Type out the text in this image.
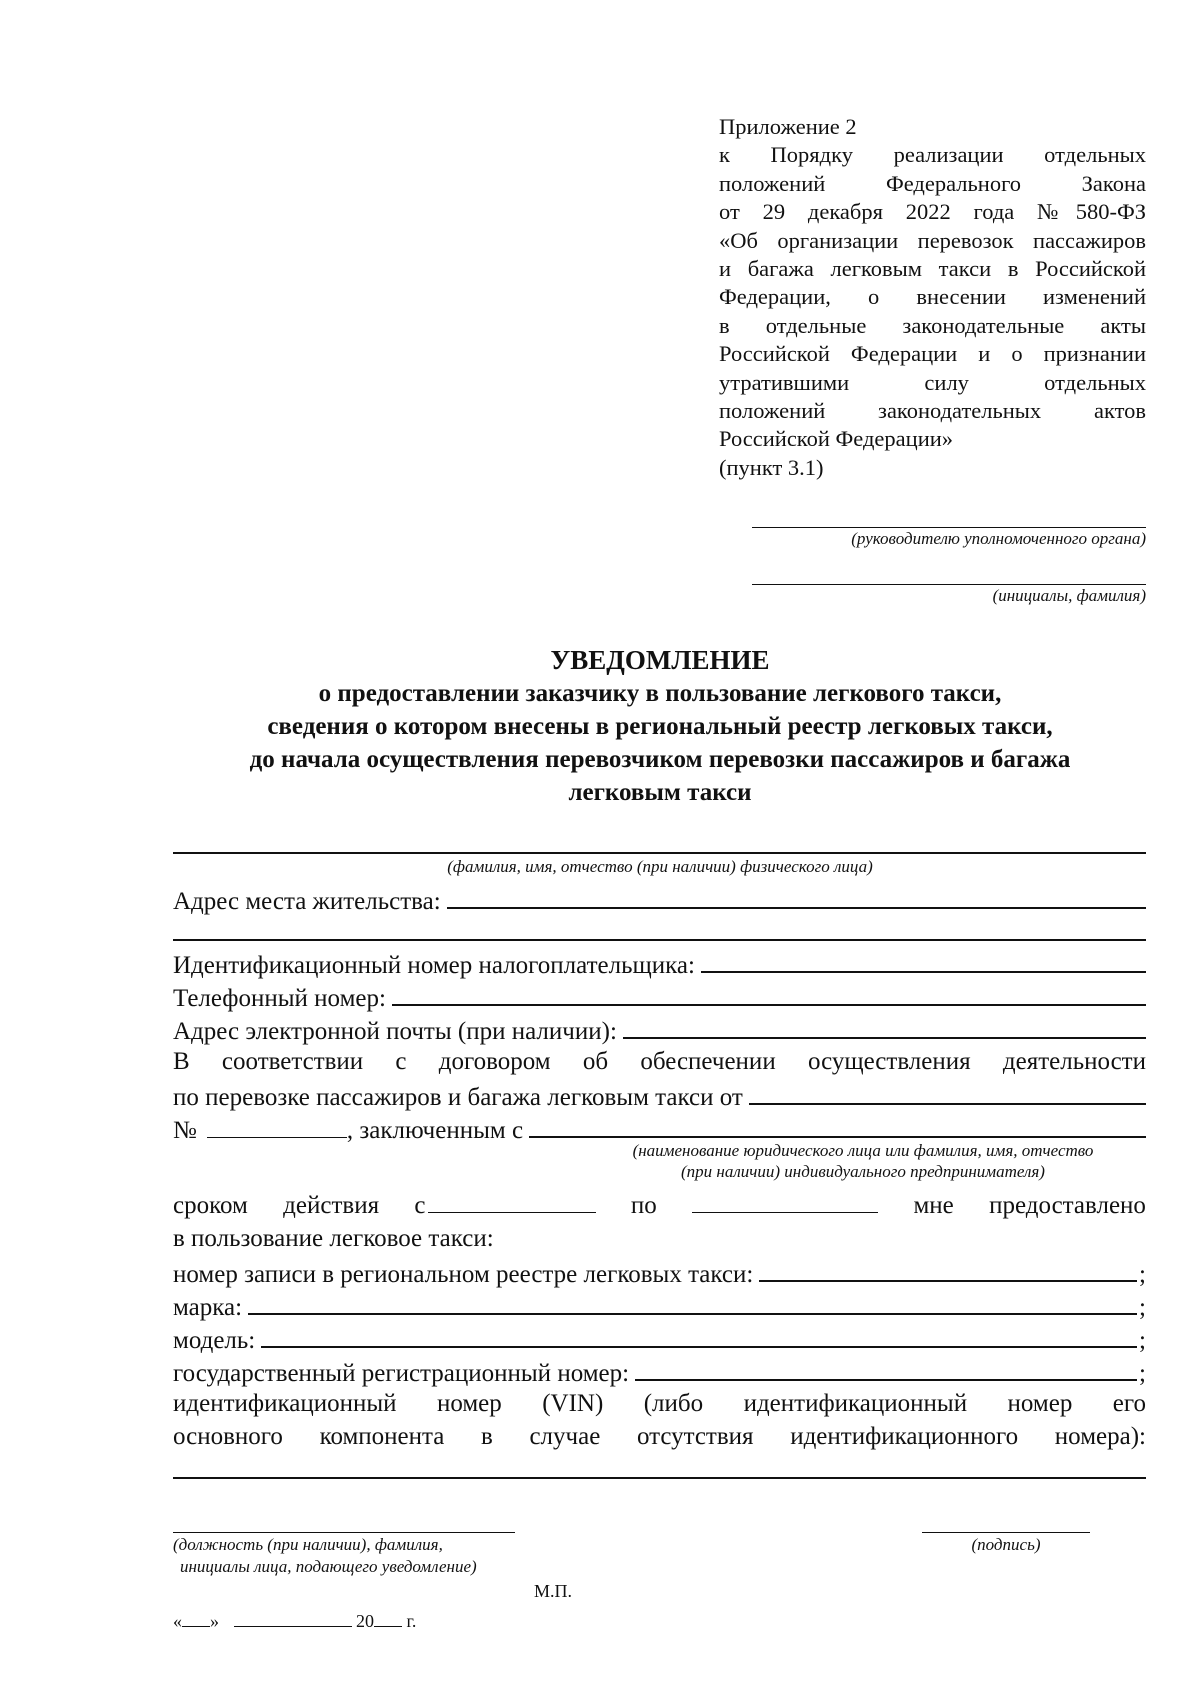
Приложение 2
к Порядку реализации отдельных
положений Федерального Закона
от 29 декабря 2022 года №580-ФЗ
«Об организации перевозок пассажиров
и багажа легковым такси в Российской
Федерации, о внесении изменений
в отдельные законодательные акты
Российской Федерации и о признании
утратившими силу отдельных
положений законодательных актов
Российской Федерации»
(пункт 3.1)
(руководителю уполномоченного органа)
(инициалы, фамилия)
УВЕДОМЛЕНИЕ
о предоставлении заказчику в пользование легкового такси,
сведения о котором внесены в региональный реестр легковых такси,
до начала осуществления перевозчиком перевозки пассажиров и багажа
легковым такси
(фамилия, имя, отчество (при наличии) физического лица)
Адрес места жительства:
Идентификационный номер налогоплательщика:
Телефонный номер:
Адрес электронной почты (при наличии):
В соответствии с договором об обеспечении осуществления деятельности
по перевозке пассажиров и багажа легковым такси от
№	, заключенным с
(наименование юридического лица или фамилия, имя, отчество
(при наличии) индивидуального предпринимателя)
сроком действия с	по	мне предоставлено
в пользование легковое такси:
номер записи в региональном реестре легковых такси:	;
марка:	;
модель:	;
государственный регистрационный номер:	;
идентификационный номер (VIN) (либо идентификационный номер его
основного компонента в случае отсутствия идентификационного номера):
(должность (при наличии), фамилия,
инициалы лица, подающего уведомление)
(подпись)
М.П.
« »	20 г.
